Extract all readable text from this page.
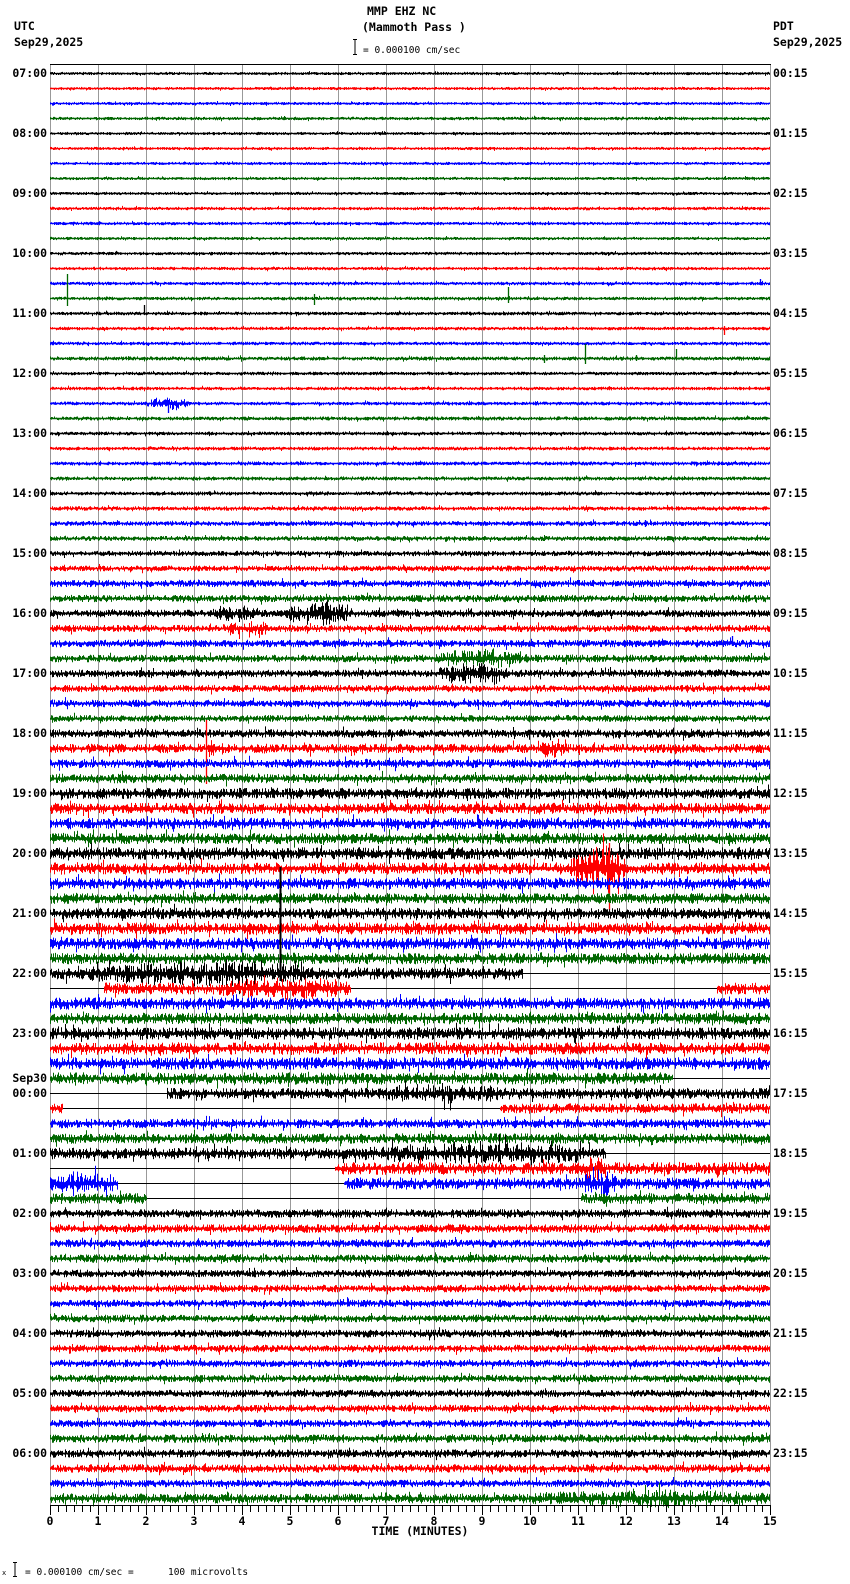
MMP EHZ NC
(Mammoth Pass )
= 0.000100 cm/sec
UTC
Sep29,2025
PDT
Sep29,2025
07:00
08:00
09:00
10:00
11:00
12:00
13:00
14:00
15:00
16:00
17:00
18:00
19:00
20:00
21:00
22:00
23:00
Sep30
00:00
01:00
02:00
03:00
04:00
05:00
06:00
00:15
01:15
02:15
03:15
04:15
05:15
06:15
07:15
08:15
09:15
10:15
11:15
12:15
13:15
14:15
15:15
16:15
17:15
18:15
19:15
20:15
21:15
22:15
23:15
0	1	2	3	4	5	6	7	8	9	10	11	12	13	14	15
TIME (MINUTES)
x = 0.000100 cm/sec =      100 microvolts
